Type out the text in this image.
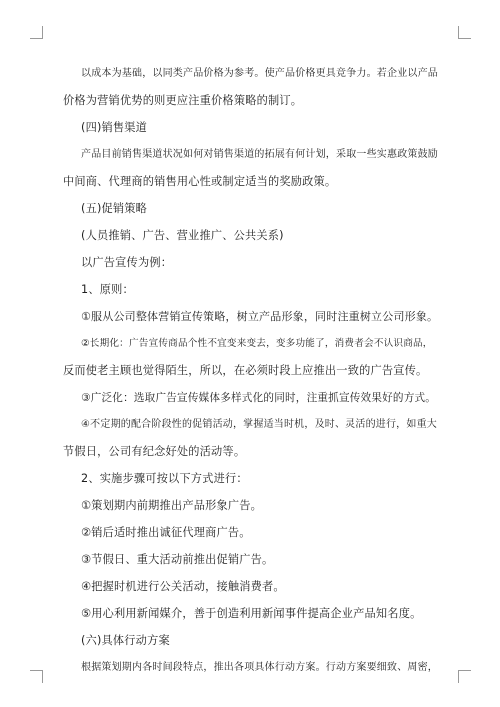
以成本为基础，以同类产品价格为参考。使产品价格更具竞争力。若企业以产品
价格为营销优势的则更应注重价格策略的制订。
(四)销售渠道
产品目前销售渠道状况如何对销售渠道的拓展有何计划，采取一些实惠政策鼓励
中间商、代理商的销售用心性或制定适当的奖励政策。
(五)促销策略
(人员推销、广告、营业推广、公共关系)
以广告宣传为例：
1、原则：
①服从公司整体营销宣传策略，树立产品形象，同时注重树立公司形象。
②长期化：广告宣传商品个性不宜变来变去，变多功能了，消费者会不认识商品，
反而使老主顾也觉得陌生，所以，在必须时段上应推出一致的广告宣传。
③广泛化：选取广告宣传媒体多样式化的同时，注重抓宣传效果好的方式。
④不定期的配合阶段性的促销活动，掌握适当时机，及时、灵活的进行，如重大
节假日，公司有纪念好处的活动等。
2、实施步骤可按以下方式进行：
①策划期内前期推出产品形象广告。
②销后适时推出诚征代理商广告。
③节假日、重大活动前推出促销广告。
④把握时机进行公关活动，接触消费者。
⑤用心利用新闻媒介，善于创造利用新闻事件提高企业产品知名度。
(六)具体行动方案
根据策划期内各时间段特点，推出各项具体行动方案。行动方案要细致、周密，
